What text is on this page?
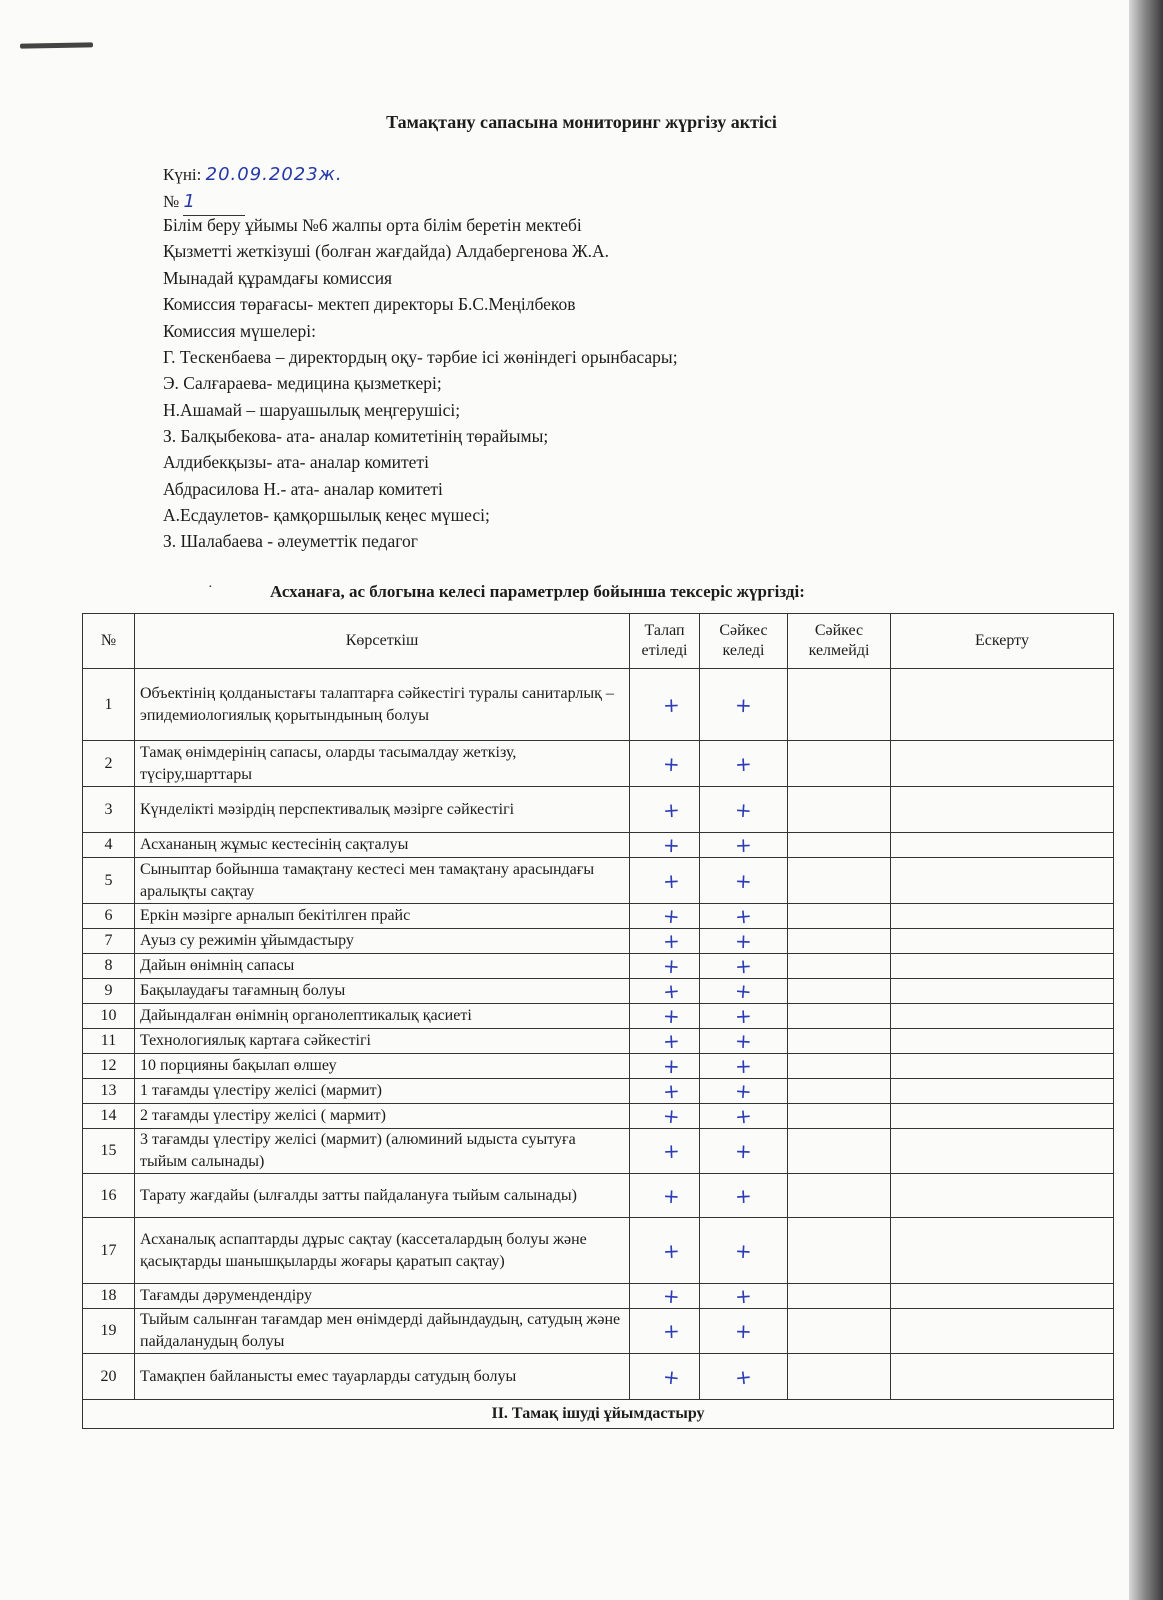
Тамақтану сапасына мониторинг жүргізу актісі
Күні: 20.09.2023ж.
№ 1
Білім беру ұйымы №6 жалпы орта білім беретін мектебі
Қызметті жеткізуші (болған жағдайда) Алдабергенова Ж.А.
Мынадай құрамдағы комиссия
Комиссия төрағасы- мектеп директоры Б.С.Меңілбеков
Комиссия мүшелері:
Г. Тескенбаева – директордың оқу- тәрбие ісі жөніндегі орынбасары;
Э. Салғараева- медицина қызметкері;
Н.Ашамай – шаруашылық меңгерушісі;
З. Балқыбекова- ата- аналар комитетінің төрайымы;
Алдибекқызы- ата- аналар комитеті
Абдрасилова Н.- ата- аналар комитеті
А.Есдаулетов- қамқоршылық кеңес мүшесі;
З. Шалабаева - әлеуметтік педагог
·	Асханаға, ас блогына келесі параметрлер бойынша тексеріс жүргізді:
№	Көрсеткіш	Талап етіледі	Сәйкес келеді	Сәйкес келмейді	Ескерту
1	Объектінің қолданыстағы талаптарға сәйкестігі туралы санитарлық – эпидемиологиялық қорытындының болуы	+	+		
2	Тамақ өнімдерінің сапасы, оларды тасымалдау жеткізу, түсіру,шарттары	+	+		
3	Күнделікті мәзірдің перспективалық мәзірге сәйкестігі	+	+		
4	Асхананың жұмыс кестесінің сақталуы	+	+		
5	Сыныптар бойынша тамақтану кестесі мен тамақтану арасындағы аралықты сақтау	+	+		
6	Еркін мәзірге арналып бекітілген прайс	+	+		
7	Ауыз су режимін ұйымдастыру	+	+		
8	Дайын өнімнің сапасы	+	+		
9	Бақылаудағы тағамның болуы	+	+		
10	Дайындалған өнімнің органолептикалық қасиеті	+	+		
11	Технологиялық картаға сәйкестігі	+	+		
12	10 порцияны бақылап өлшеу	+	+		
13	1 тағамды үлестіру желісі (мармит)	+	+		
14	2 тағамды үлестіру желісі ( мармит)	+	+		
15	3 тағамды үлестіру желісі (мармит) (алюминий ыдыста суытуға тыйым салынады)	+	+		
16	Тарату жағдайы (ылғалды затты пайдалануға тыйым салынады)	+	+		
17	Асханалық аспаптарды дұрыс сақтау (кассеталардың болуы және қасықтарды шанышқыларды жоғары қаратып сақтау)	+	+		
18	Тағамды дәрумендендіру	+	+		
19	Тыйым салынған тағамдар мен өнімдерді дайындаудың, сатудың және пайдаланудың болуы	+	+		
20	Тамақпен байланысты емес тауарларды сатудың болуы	+	+		
II. Тамақ ішуді ұйымдастыру					
